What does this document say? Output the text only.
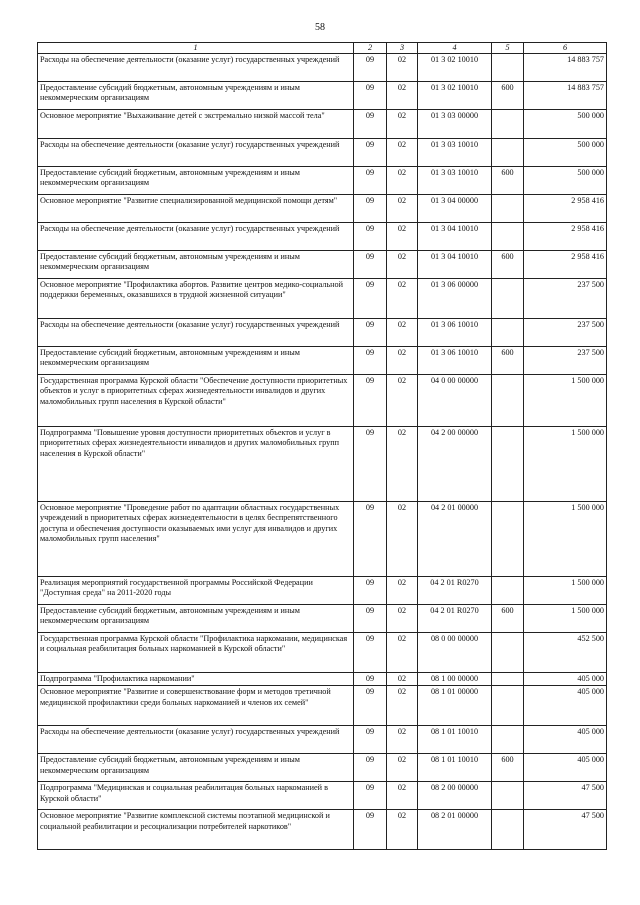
58
1	2	3	4	5	6
Расходы на обеспечение деятельности (оказание услуг) государственных учреждений	09	02	01 3 02 10010		14 883 757
Предоставление субсидий бюджетным, автономным учреждениям и иным некоммерческим организациям	09	02	01 3 02 10010	600	14 883 757
Основное мероприятие "Выхаживание детей с экстремально низкой массой тела"	09	02	01 3 03 00000		500 000
Расходы на обеспечение деятельности (оказание услуг) государственных учреждений	09	02	01 3 03 10010		500 000
Предоставление субсидий бюджетным, автономным учреждениям и иным некоммерческим организациям	09	02	01 3 03 10010	600	500 000
Основное мероприятие "Развитие специализированной медицинской помощи детям"	09	02	01 3 04 00000		2 958 416
Расходы на обеспечение деятельности (оказание услуг) государственных учреждений	09	02	01 3 04 10010		2 958 416
Предоставление субсидий бюджетным, автономным учреждениям и иным некоммерческим организациям	09	02	01 3 04 10010	600	2 958 416
Основное мероприятие "Профилактика абортов. Развитие центров медико-социальной поддержки беременных, оказавшихся в трудной жизненной ситуации"	09	02	01 3 06 00000		237 500
Расходы на обеспечение деятельности (оказание услуг) государственных учреждений	09	02	01 3 06 10010		237 500
Предоставление субсидий бюджетным, автономным учреждениям и иным некоммерческим организациям	09	02	01 3 06 10010	600	237 500
Государственная программа Курской области "Обеспечение доступности приоритетных объектов и услуг в приоритетных сферах жизнедеятельности инвалидов и других маломобильных групп населения в Курской области"	09	02	04 0 00 00000		1 500 000
Подпрограмма "Повышение уровня доступности приоритетных объектов и услуг в приоритетных сферах жизнедеятельности инвалидов и других маломобильных групп населения в Курской области"	09	02	04 2 00 00000		1 500 000
Основное мероприятие "Проведение работ по адаптации областных государственных учреждений в приоритетных сферах жизнедеятельности в целях беспрепятственного доступа и обеспечения доступности оказываемых ими услуг для инвалидов и других маломобильных групп населения"	09	02	04 2 01 00000		1 500 000
Реализация мероприятий государственной программы Российской Федерации "Доступная среда" на 2011-2020 годы	09	02	04 2 01 R0270		1 500 000
Предоставление субсидий бюджетным, автономным учреждениям и иным некоммерческим организациям	09	02	04 2 01 R0270	600	1 500 000
Государственная программа Курской области "Профилактика наркомании, медицинская и социальная реабилитация больных наркоманией в Курской области"	09	02	08 0 00 00000		452 500
Подпрограмма "Профилактика наркомании"	09	02	08 1 00 00000		405 000
Основное мероприятие "Развитие и совершенствование форм и методов третичной медицинской профилактики среди больных наркоманией и членов их семей"	09	02	08 1 01 00000		405 000
Расходы на обеспечение деятельности (оказание услуг) государственных учреждений	09	02	08 1 01 10010		405 000
Предоставление субсидий бюджетным, автономным учреждениям и иным некоммерческим организациям	09	02	08 1 01 10010	600	405 000
Подпрограмма "Медицинская и социальная реабилитация больных наркоманией в Курской области"	09	02	08 2 00 00000		47 500
Основное мероприятие "Развитие комплексной системы поэтапной медицинской и социальной реабилитации и ресоциализации потребителей наркотиков"	09	02	08 2 01 00000		47 500
